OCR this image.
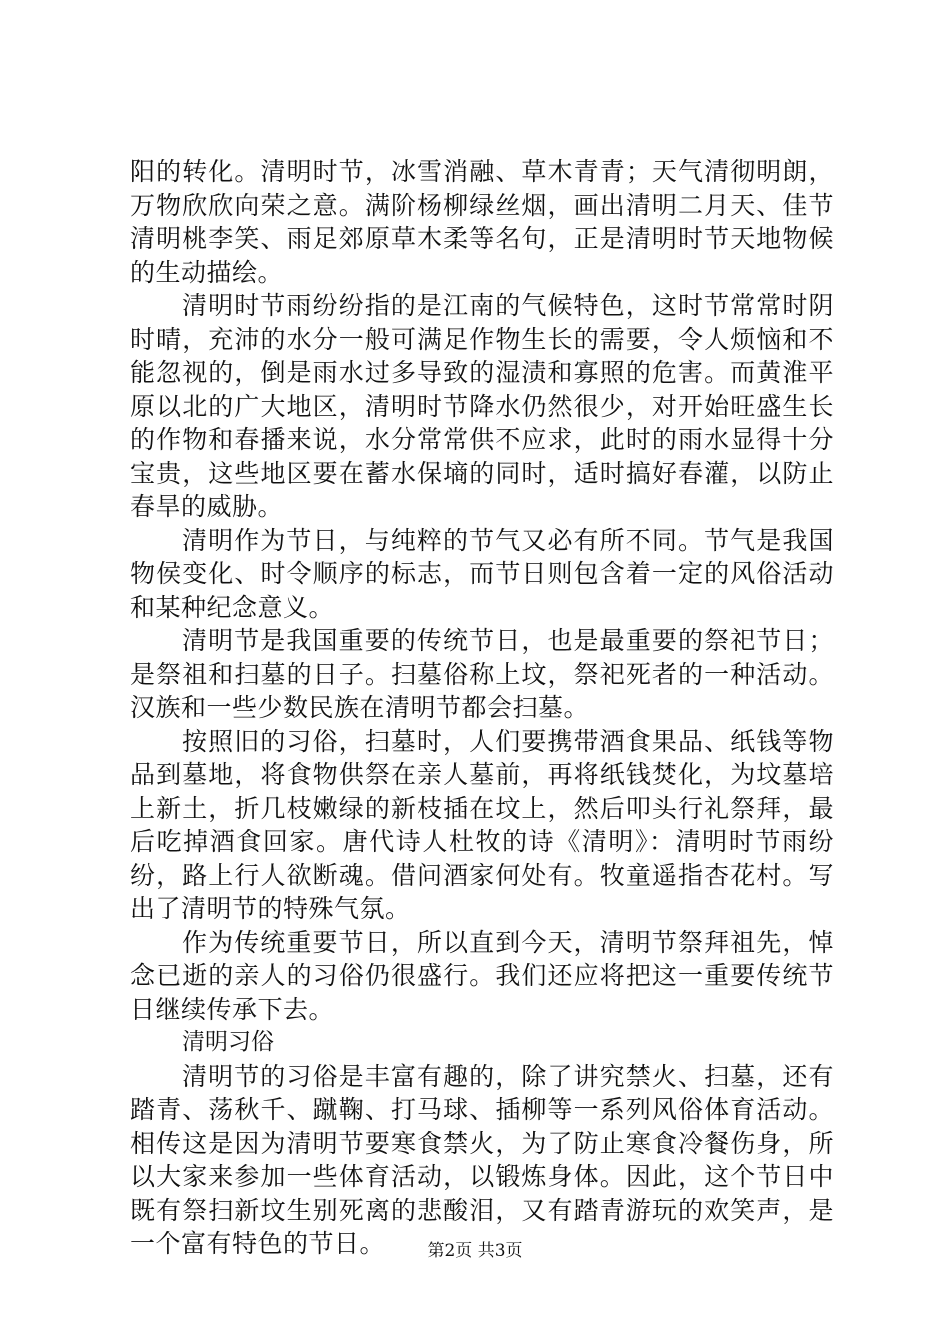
阳的转化。清明时节，冰雪消融、草木青青；天气清彻明朗，万物欣欣向荣之意。满阶杨柳绿丝烟，画出清明二月天、佳节清明桃李笑、雨足郊原草木柔等名句，正是清明时节天地物候的生动描绘。

清明时节雨纷纷指的是江南的气候特色，这时节常常时阴时晴，充沛的水分一般可满足作物生长的需要，令人烦恼和不能忽视的，倒是雨水过多导致的湿渍和寡照的危害。而黄淮平原以北的广大地区，清明时节降水仍然很少，对开始旺盛生长的作物和春播来说，水分常常供不应求，此时的雨水显得十分宝贵，这些地区要在蓄水保墒的同时，适时搞好春灌，以防止春旱的威胁。

清明作为节日，与纯粹的节气又必有所不同。节气是我国物侯变化、时令顺序的标志，而节日则包含着一定的风俗活动和某种纪念意义。

清明节是我国重要的传统节日，也是最重要的祭祀节日；是祭祖和扫墓的日子。扫墓俗称上坟，祭祀死者的一种活动。汉族和一些少数民族在清明节都会扫墓。

按照旧的习俗，扫墓时，人们要携带酒食果品、纸钱等物品到墓地，将食物供祭在亲人墓前，再将纸钱焚化，为坟墓培上新土，折几枝嫩绿的新枝插在坟上，然后叩头行礼祭拜，最后吃掉酒食回家。唐代诗人杜牧的诗《清明》：清明时节雨纷纷，路上行人欲断魂。借问酒家何处有。牧童遥指杏花村。写出了清明节的特殊气氛。

作为传统重要节日，所以直到今天，清明节祭拜祖先，悼念已逝的亲人的习俗仍很盛行。我们还应将把这一重要传统节日继续传承下去。

清明习俗

清明节的习俗是丰富有趣的，除了讲究禁火、扫墓，还有踏青、荡秋千、蹴鞠、打马球、插柳等一系列风俗体育活动。相传这是因为清明节要寒食禁火，为了防止寒食冷餐伤身，所以大家来参加一些体育活动，以锻炼身体。因此，这个节日中既有祭扫新坟生别死离的悲酸泪，又有踏青游玩的欢笑声，是一个富有特色的节日。	第2页 共3页
